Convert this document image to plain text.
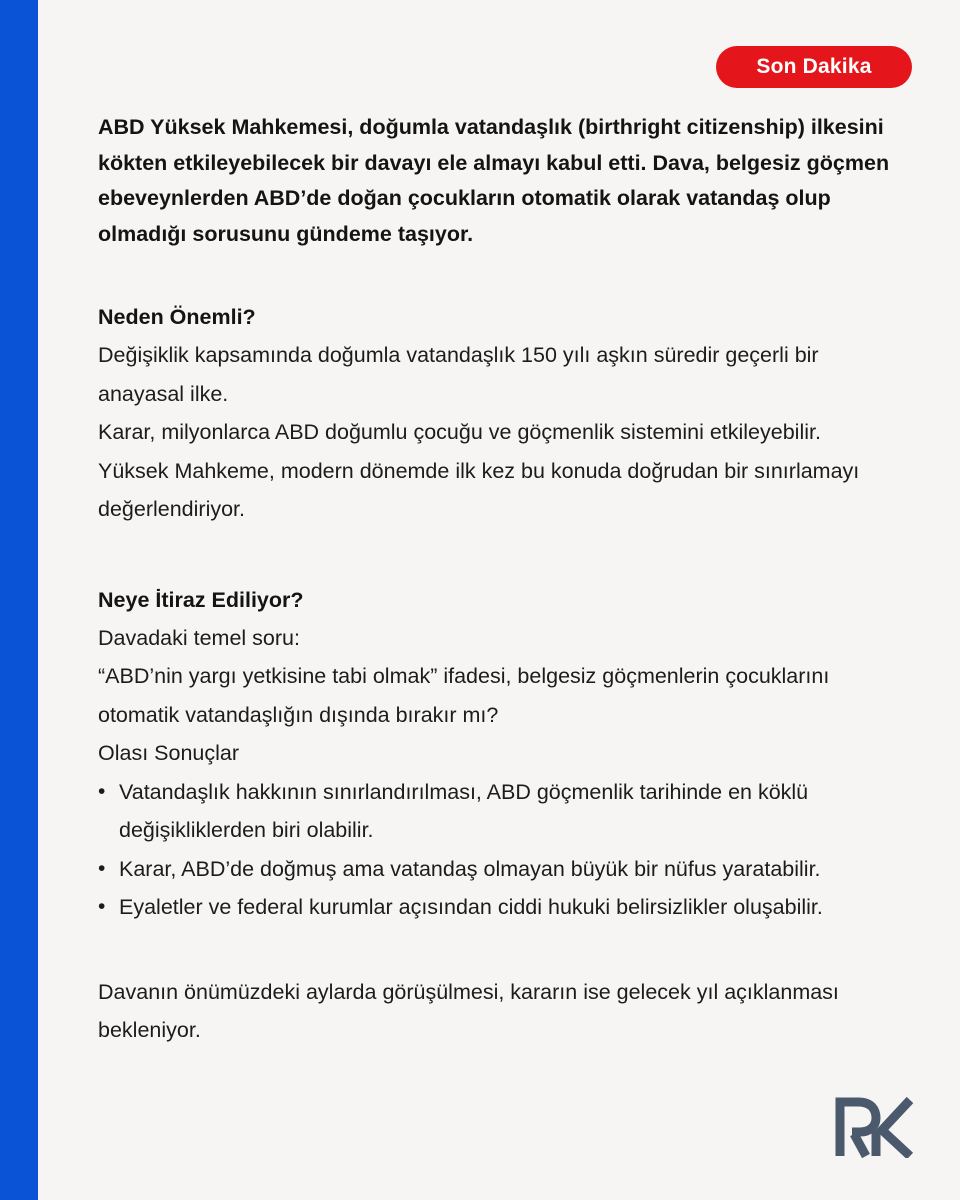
Son Dakika

ABD Yüksek Mahkemesi, doğumla vatandaşlık (birthright citizenship) ilkesini kökten etkileyebilecek bir davayı ele almayı kabul etti. Dava, belgesiz göçmen ebeveynlerden ABD’de doğan çocukların otomatik olarak vatandaş olup olmadığı sorusunu gündeme taşıyor.

Neden Önemli?

Değişiklik kapsamında doğumla vatandaşlık 150 yılı aşkın süredir geçerli bir anayasal ilke.

Karar, milyonlarca ABD doğumlu çocuğu ve göçmenlik sistemini etkileyebilir.

Yüksek Mahkeme, modern dönemde ilk kez bu konuda doğrudan bir sınırlamayı değerlendiriyor.

Neye İtiraz Ediliyor?

Davadaki temel soru:

“ABD’nin yargı yetkisine tabi olmak” ifadesi, belgesiz göçmenlerin çocuklarını otomatik vatandaşlığın dışında bırakır mı?

Olası Sonuçlar

• Vatandaşlık hakkının sınırlandırılması, ABD göçmenlik tarihinde en köklü değişikliklerden biri olabilir.
• Karar, ABD’de doğmuş ama vatandaş olmayan büyük bir nüfus yaratabilir.
• Eyaletler ve federal kurumlar açısından ciddi hukuki belirsizlikler oluşabilir.

Davanın önümüzdeki aylarda görüşülmesi, kararın ise gelecek yıl açıklanması bekleniyor.
